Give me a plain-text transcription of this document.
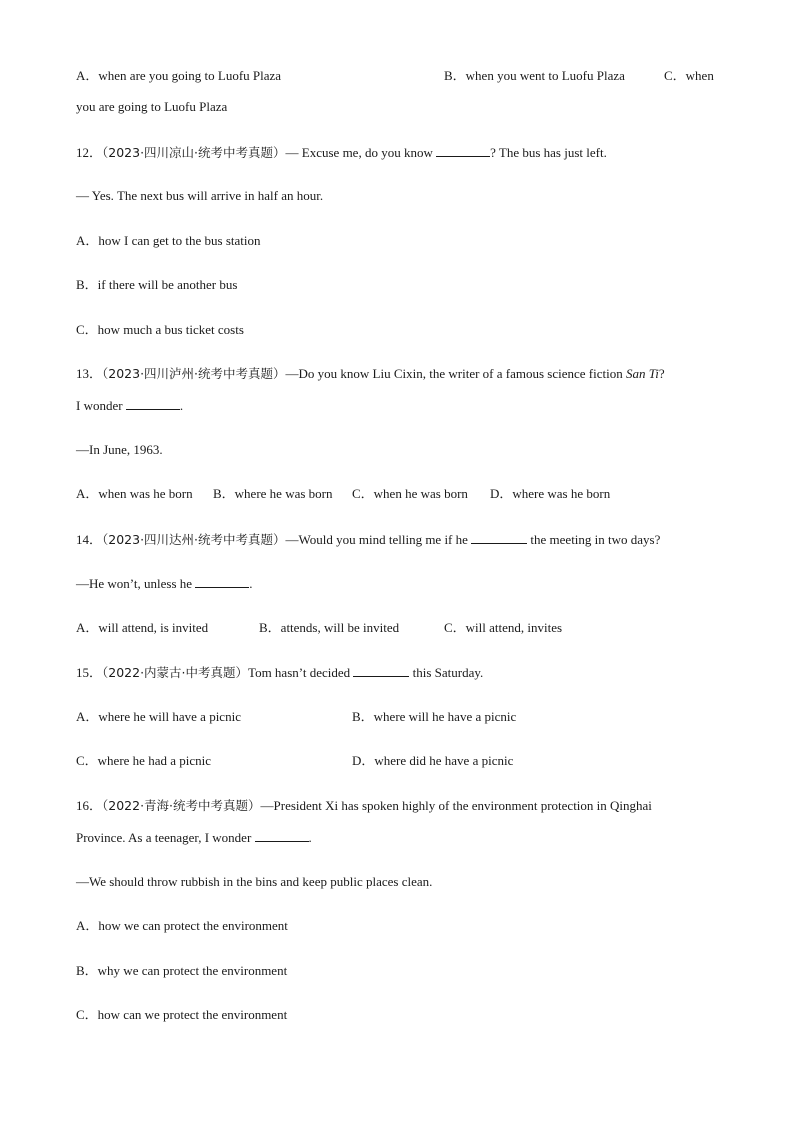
A．when are you going to Luofu Plaza	B．when you went to Luofu Plaza	C．when
you are going to Luofu Plaza
12．（2023·四川凉山·统考中考真题）— Excuse me, do you know	? The bus has just left.
— Yes. The next bus will arrive in half an hour.
A．how I can get to the bus station
B．if there will be another bus
C．how much a bus ticket costs
13．（2023·四川泸州·统考中考真题）—Do you know Liu Cixin, the writer of a famous science fiction San Ti?
I wonder	.
—In June, 1963.
A．when was he born B．where he was born C．when he was born D．where was he born
14．（2023·四川达州·统考中考真题）—Would you mind telling me if he	the meeting in two days?
—He won’t, unless he	.
A．will attend, is invited	B．attends, will be invited	C．will attend, invites
15．（2022·内蒙古·中考真题）Tom hasn’t decided	this Saturday.
A．where he will have a picnic	B．where will he have a picnic
C．where he had a picnic	D．where did he have a picnic
16．（2022·青海·统考中考真题）—President Xi has spoken highly of the environment protection in Qinghai
Province. As a teenager, I wonder	.
—We should throw rubbish in the bins and keep public places clean.
A．how we can protect the environment
B．why we can protect the environment
C．how can we protect the environment
